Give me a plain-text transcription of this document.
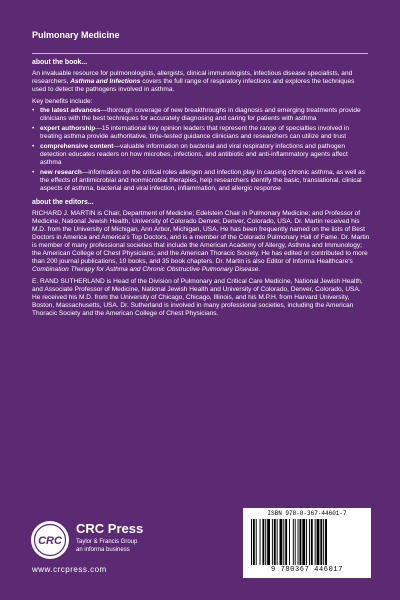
Pulmonary Medicine
about the book...

An invaluable resource for pulmonologists, allergists, clinical immunologists, infectious disease specialists, and researchers, Asthma and Infections covers the full range of respiratory infections and explores the techniques used to detect the pathogens involved in asthma.

Key benefits include:
• the latest advances—thorough coverage of new breakthroughs in diagnosis and emerging treatments provide clinicians with the best techniques for accurately diagnosing and caring for patients with asthma
• expert authorship—15 international key opinion leaders that represent the range of specialties involved in treating asthma provide authoritative, time-tested guidance clinicians and researchers can utilize and trust
• comprehensive content—valuable information on bacterial and viral respiratory infections and pathogen detection educates readers on how microbes, infections, and antibiotic and anti-inflammatory agents affect asthma
• new research—information on the critical roles allergen and infection play in causing chronic asthma, as well as the effects of antimicrobial and nonmicrobial therapies, help researchers identify the basic, translational, clinical aspects of asthma, bacterial and viral infection, inflammation, and allergic response
about the editors...

RICHARD J. MARTIN is Chair, Department of Medicine; Edelstein Chair in Pulmonary Medicine; and Professor of Medicine, National Jewish Health, University of Colorado Denver, Denver, Colorado, USA. Dr. Martin received his M.D. from the University of Michigan, Ann Arbor, Michigan, USA. He has been frequently named on the lists of Best Doctors in America and America's Top Doctors, and is a member of the Colorado Pulmonary Hall of Fame. Dr. Martin is member of many professional societies that include the American Academy of Allergy, Asthma and Immunology; the American College of Chest Physicians; and the American Thoracic Society. He has edited or contributed to more than 200 journal publications, 10 books, and 35 book chapters. Dr. Martin is also Editor of Informa Healthcare's Combination Therapy for Asthma and Chronic Obstructive Pulmonary Disease.

E. RAND SUTHERLAND is Head of the Division of Pulmonary and Critical Care Medicine, National Jewish Health, and Associate Professor of Medicine, National Jewish Health and University of Colorado, Denver, Colorado, USA. He received his M.D. from the University of Chicago, Chicago, Illinois, and his M.P.H. from Harvard University, Boston, Massachusetts, USA. Dr. Sutherland is involved in many professional societies, including the American Thoracic Society and the American College of Chest Physicians.

CRC
CRC Press
Taylor & Francis Group
an informa business
www.crcpress.com
ISBN 978-0-367-44601-7
9 780367 446017
